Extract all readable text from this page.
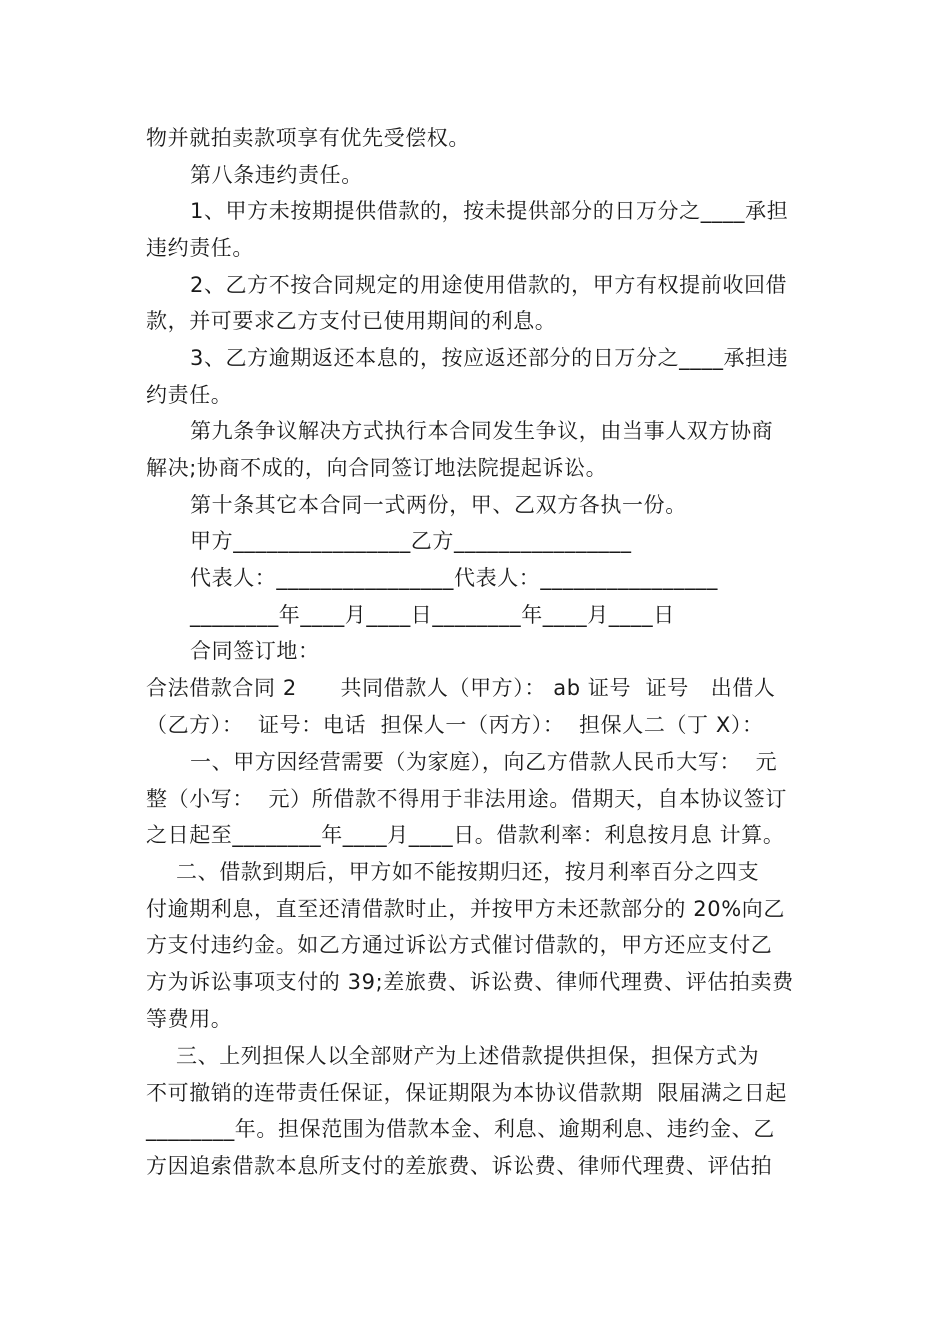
物并就拍卖款项享有优先受偿权。
第八条违约责任。
1、甲方未按期提供借款的，按未提供部分的日万分之____承担
违约责任。
2、乙方不按合同规定的用途使用借款的，甲方有权提前收回借
款，并可要求乙方支付已使用期间的利息。
3、乙方逾期返还本息的，按应返还部分的日万分之____承担违
约责任。
第九条争议解决方式执行本合同发生争议，由当事人双方协商
解决;协商不成的，向合同签订地法院提起诉讼。
第十条其它本合同一式两份，甲、乙双方各执一份。
甲方________________乙方________________
代表人：________________代表人：________________
________年____月____日________年____月____日
合同签订地：
合法借款合同 2      共同借款人（甲方）： ab 证号  证号   出借人
（乙方）：  证号：电话  担保人一（丙方）：  担保人二（丁 X）：
一、甲方因经营需要（为家庭），向乙方借款人民币大写：  元
整（小写：  元）所借款不得用于非法用途。借期天，自本协议签订
之日起至________年____月____日。借款利率：利息按月息 计算。
二、借款到期后，甲方如不能按期归还，按月利率百分之四支
付逾期利息，直至还清借款时止，并按甲方未还款部分的 20%向乙
方支付违约金。如乙方通过诉讼方式催讨借款的，甲方还应支付乙
方为诉讼事项支付的 39;差旅费、诉讼费、律师代理费、评估拍卖费
等费用。
三、上列担保人以全部财产为上述借款提供担保，担保方式为
不可撤销的连带责任保证，保证期限为本协议借款期  限届满之日起
________年。担保范围为借款本金、利息、逾期利息、违约金、乙
方因追索借款本息所支付的差旅费、诉讼费、律师代理费、评估拍
